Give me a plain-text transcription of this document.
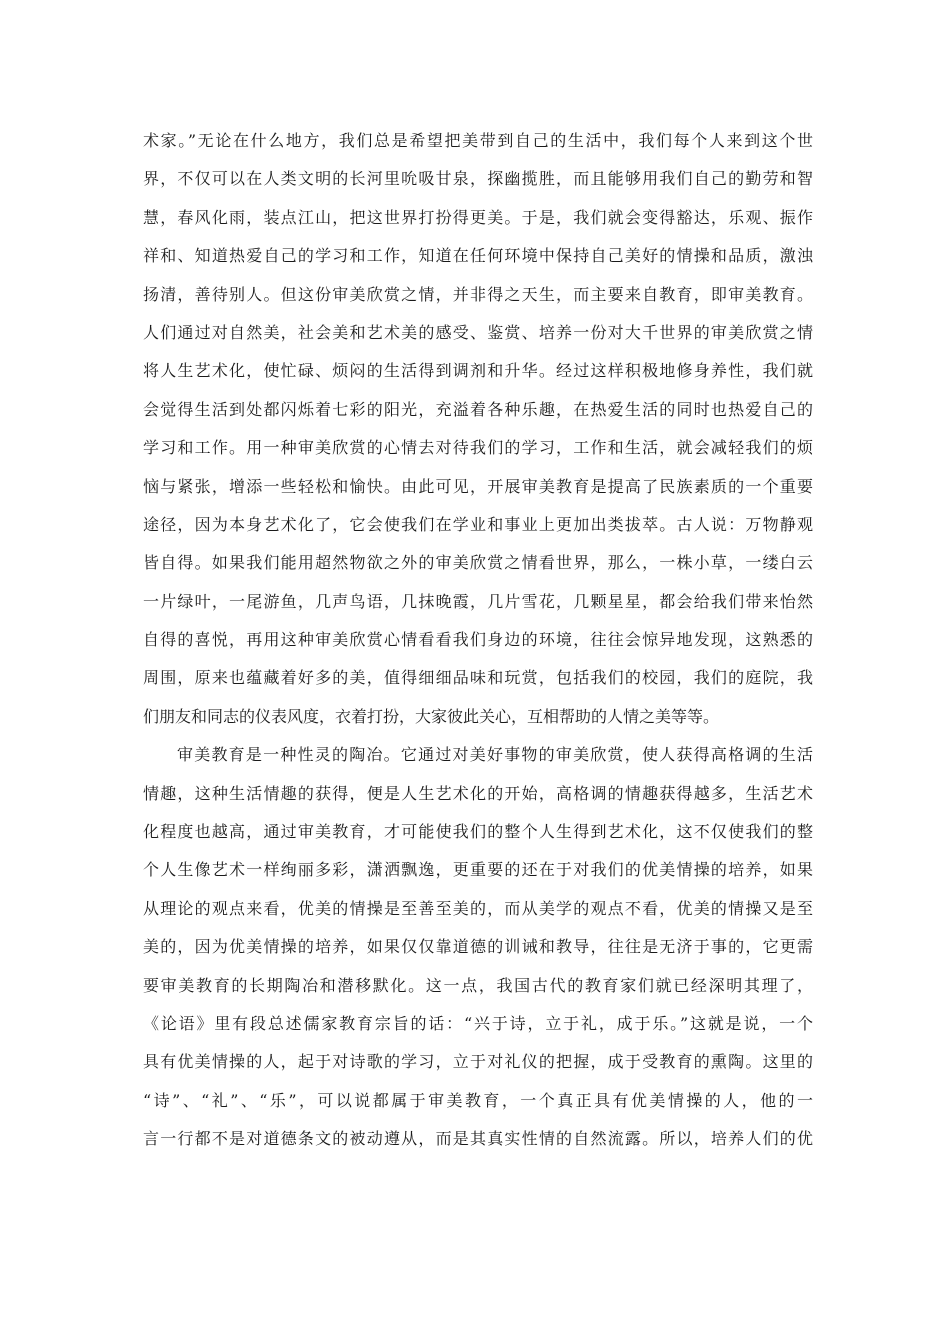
术家。”无论在什么地方，我们总是希望把美带到自己的生活中，我们每个人来到这个世
界，不仅可以在人类文明的长河里吮吸甘泉，探幽揽胜，而且能够用我们自己的勤劳和智
慧，春风化雨，装点江山，把这世界打扮得更美。于是，我们就会变得豁达，乐观、振作
祥和、知道热爱自己的学习和工作，知道在任何环境中保持自己美好的情操和品质，激浊
扬清，善待别人。但这份审美欣赏之情，并非得之天生，而主要来自教育，即审美教育。
人们通过对自然美，社会美和艺术美的感受、鉴赏、培养一份对大千世界的审美欣赏之情
将人生艺术化，使忙碌、烦闷的生活得到调剂和升华。经过这样积极地修身养性，我们就
会觉得生活到处都闪烁着七彩的阳光，充溢着各种乐趣，在热爱生活的同时也热爱自己的
学习和工作。用一种审美欣赏的心情去对待我们的学习，工作和生活，就会减轻我们的烦
恼与紧张，增添一些轻松和愉快。由此可见，开展审美教育是提高了民族素质的一个重要
途径，因为本身艺术化了，它会使我们在学业和事业上更加出类拔萃。古人说：万物静观
皆自得。如果我们能用超然物欲之外的审美欣赏之情看世界，那么，一株小草，一缕白云
一片绿叶，一尾游鱼，几声鸟语，几抹晚霞，几片雪花，几颗星星，都会给我们带来怡然
自得的喜悦，再用这种审美欣赏心情看看我们身边的环境，往往会惊异地发现，这熟悉的
周围，原来也蕴藏着好多的美，值得细细品味和玩赏，包括我们的校园，我们的庭院，我
们朋友和同志的仪表风度，衣着打扮，大家彼此关心，互相帮助的人情之美等等。
审美教育是一种性灵的陶冶。它通过对美好事物的审美欣赏，使人获得高格调的生活
情趣，这种生活情趣的获得，便是人生艺术化的开始，高格调的情趣获得越多，生活艺术
化程度也越高，通过审美教育，才可能使我们的整个人生得到艺术化，这不仅使我们的整
个人生像艺术一样绚丽多彩，潇洒飘逸，更重要的还在于对我们的优美情操的培养，如果
从理论的观点来看，优美的情操是至善至美的，而从美学的观点不看，优美的情操又是至
美的，因为优美情操的培养，如果仅仅靠道德的训诫和教导，往往是无济于事的，它更需
要审美教育的长期陶冶和潜移默化。这一点，我国古代的教育家们就已经深明其理了，
《论语》里有段总述儒家教育宗旨的话：“兴于诗，立于礼，成于乐。”这就是说，一个
具有优美情操的人，起于对诗歌的学习，立于对礼仪的把握，成于受教育的熏陶。这里的
“诗”、“礼”、“乐”，可以说都属于审美教育，一个真正具有优美情操的人，他的一
言一行都不是对道德条文的被动遵从，而是其真实性情的自然流露。所以，培养人们的优
